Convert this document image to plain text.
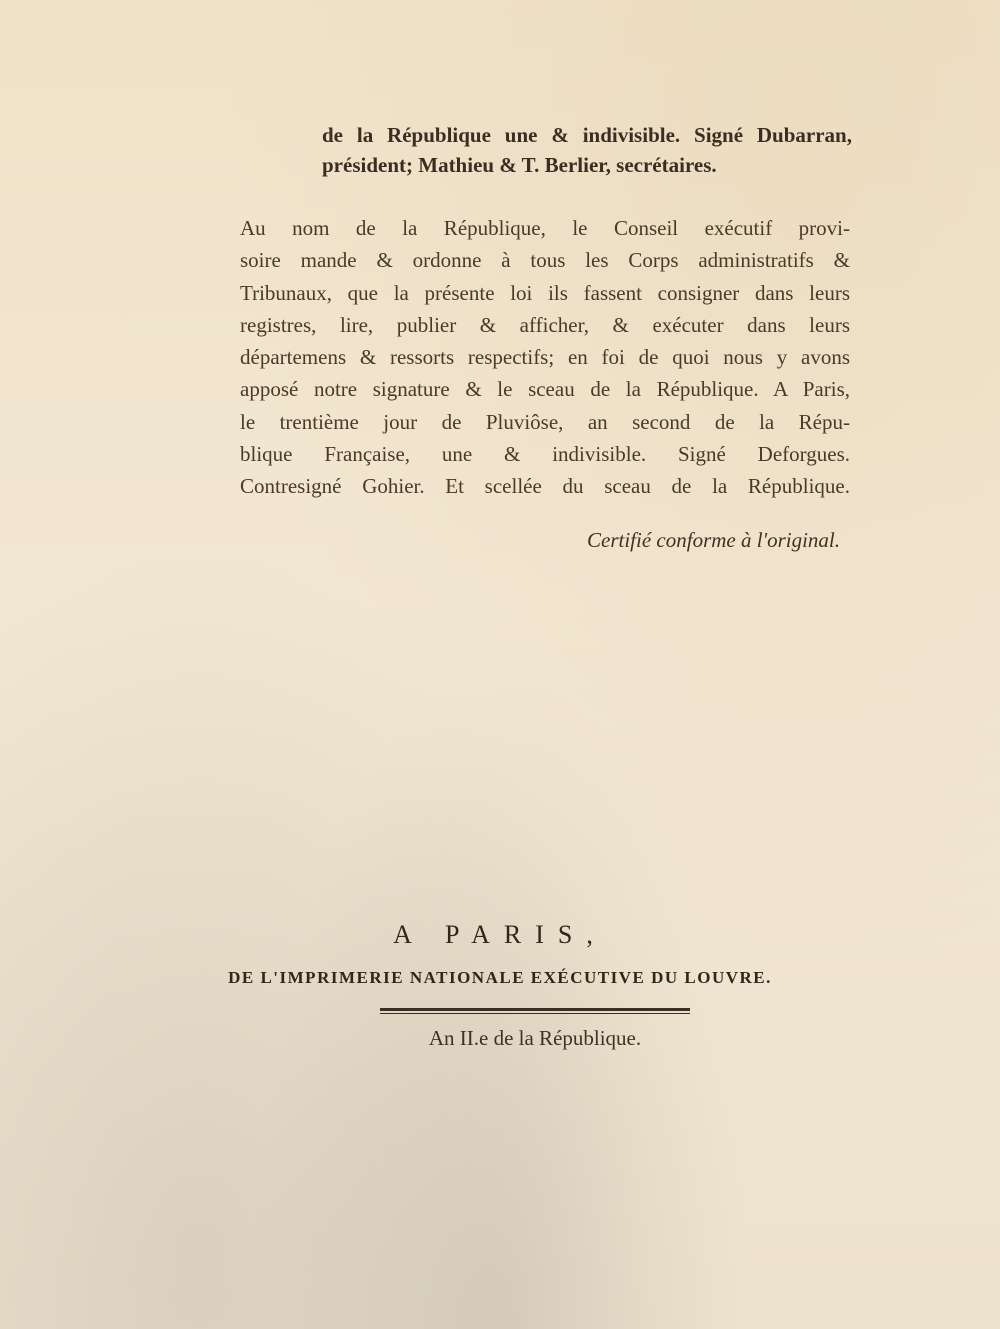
de la République une & indivisible. Signé Dubarran,
président; Mathieu & T. Berlier, secrétaires.
Au nom de la République, le Conseil exécutif provi-
soire mande & ordonne à tous les Corps administratifs &
Tribunaux, que la présente loi ils fassent consigner dans leurs
registres, lire, publier & afficher, & exécuter dans leurs
départemens & ressorts respectifs; en foi de quoi nous y avons
apposé notre signature & le sceau de la République. A Paris,
le trentième jour de Pluviôse, an second de la Répu-
blique Française, une & indivisible. Signé Deforgues.
Contresigné Gohier. Et scellée du sceau de la République.
Certifié conforme à l'original.
A PARIS,
DE L'IMPRIMERIE NATIONALE EXÉCUTIVE DU LOUVRE.
An II.e de la République.
